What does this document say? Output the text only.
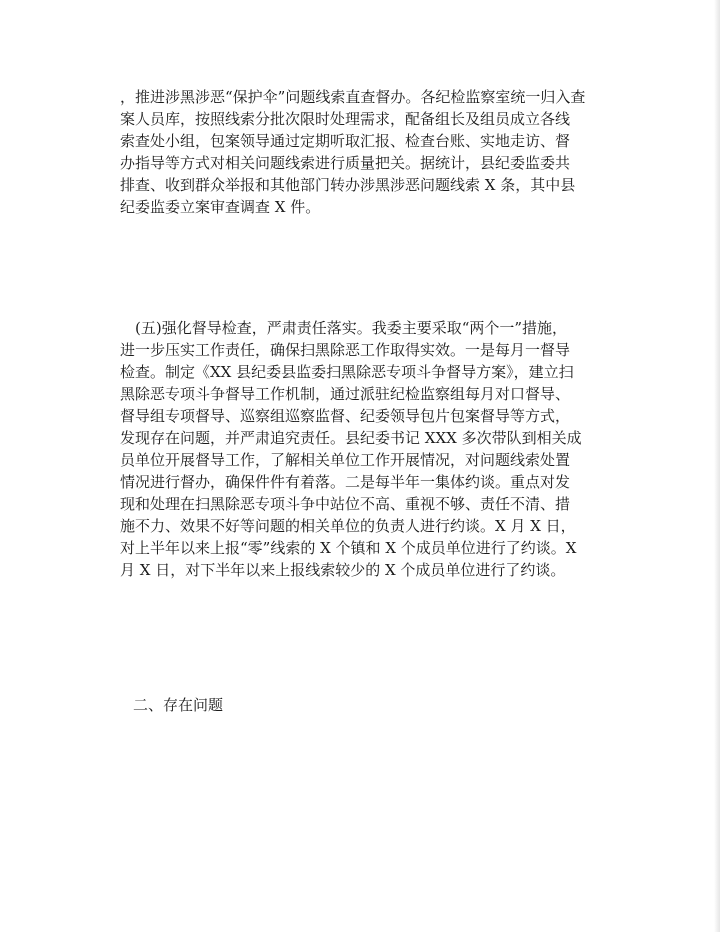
，推进涉黑涉恶“保护伞”问题线索直查督办。各纪检监察室统一归入查
案人员库，按照线索分批次限时处理需求，配备组长及组员成立各线
索查处小组，包案领导通过定期听取汇报、检查台账、实地走访、督
办指导等方式对相关问题线索进行质量把关。据统计，县纪委监委共
排查、收到群众举报和其他部门转办涉黑涉恶问题线索 X 条，其中县
纪委监委立案审查调查 X 件。

　(五)强化督导检查，严肃责任落实。我委主要采取“两个一”措施，
进一步压实工作责任，确保扫黑除恶工作取得实效。一是每月一督导
检查。制定《XX 县纪委县监委扫黑除恶专项斗争督导方案》，建立扫
黑除恶专项斗争督导工作机制，通过派驻纪检监察组每月对口督导、
督导组专项督导、巡察组巡察监督、纪委领导包片包案督导等方式，
发现存在问题，并严肃追究责任。县纪委书记 XXX 多次带队到相关成
员单位开展督导工作，了解相关单位工作开展情况，对问题线索处置
情况进行督办，确保件件有着落。二是每半年一集体约谈。重点对发
现和处理在扫黑除恶专项斗争中站位不高、重视不够、责任不清、措
施不力、效果不好等问题的相关单位的负责人进行约谈。X 月 X 日，
对上半年以来上报“零”线索的 X 个镇和 X 个成员单位进行了约谈。X
月 X 日，对下半年以来上报线索较少的 X 个成员单位进行了约谈。

二、存在问题
